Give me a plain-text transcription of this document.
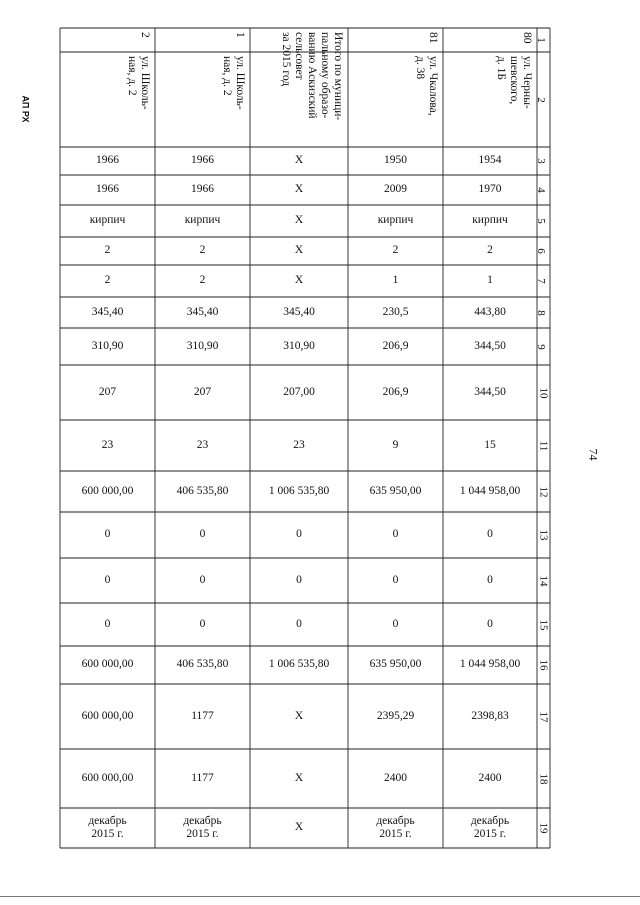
АП РХ
74
1
2
3
4
5
6
7
8
9
10
11
12
13
14
15
16
17
18
19
80
ул. Черны-
шевского,
д. 1Б
1954
1970
кирпич
2
1
443,80
344,50
344,50
15
1 044 958,00
0
0
0
1 044 958,00
2398,83
2400
декабрь
2015 г.
81
ул. Чкалова,
д. 38
1950
2009
кирпич
2
1
230,5
206,9
206,9
9
635 950,00
0
0
0
635 950,00
2395,29
2400
декабрь
2015 г.
Итого по муници-
пальному образо-
ванию Аскизский
сельсовет
за 2015 год
Х
Х
Х
Х
Х
345,40
310,90
207,00
23
1 006 535,80
0
0
0
1 006 535,80
Х
Х
Х
1
ул. Школь-
ная, д. 2
1966
1966
кирпич
2
2
345,40
310,90
207
23
406 535,80
0
0
0
406 535,80
1177
1177
декабрь
2015 г.
2
ул. Школь-
ная, д. 2
1966
1966
кирпич
2
2
345,40
310,90
207
23
600 000,00
0
0
0
600 000,00
600 000,00
600 000,00
декабрь
2015 г.
